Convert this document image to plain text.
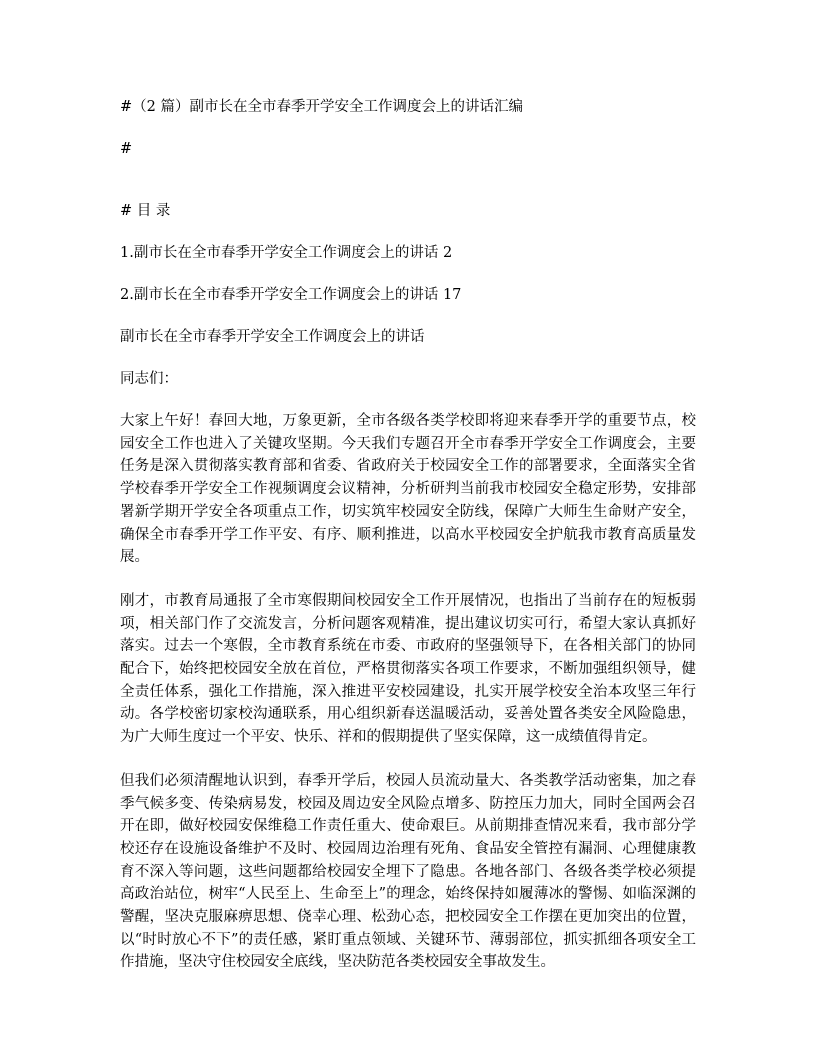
#（2 篇）副市长在全市春季开学安全工作调度会上的讲话汇编

#

# 目 录

1.副市长在全市春季开学安全工作调度会上的讲话 2

2.副市长在全市春季开学安全工作调度会上的讲话 17

副市长在全市春季开学安全工作调度会上的讲话

同志们：

大家上午好！春回大地，万象更新，全市各级各类学校即将迎来春季开学的重要节点，校园安全工作也进入了关键攻坚期。今天我们专题召开全市春季开学安全工作调度会，主要任务是深入贯彻落实教育部和省委、省政府关于校园安全工作的部署要求，全面落实全省学校春季开学安全工作视频调度会议精神，分析研判当前我市校园安全稳定形势，安排部署新学期开学安全各项重点工作，切实筑牢校园安全防线，保障广大师生生命财产安全，确保全市春季开学工作平安、有序、顺利推进，以高水平校园安全护航我市教育高质量发展。

刚才，市教育局通报了全市寒假期间校园安全工作开展情况，也指出了当前存在的短板弱项，相关部门作了交流发言，分析问题客观精准，提出建议切实可行，希望大家认真抓好落实。过去一个寒假，全市教育系统在市委、市政府的坚强领导下，在各相关部门的协同配合下，始终把校园安全放在首位，严格贯彻落实各项工作要求，不断加强组织领导，健全责任体系，强化工作措施，深入推进平安校园建设，扎实开展学校安全治本攻坚三年行动。各学校密切家校沟通联系，用心组织新春送温暖活动，妥善处置各类安全风险隐患，为广大师生度过一个平安、快乐、祥和的假期提供了坚实保障，这一成绩值得肯定。

但我们必须清醒地认识到，春季开学后，校园人员流动量大、各类教学活动密集，加之春季气候多变、传染病易发，校园及周边安全风险点增多、防控压力加大，同时全国两会召开在即，做好校园安保维稳工作责任重大、使命艰巨。从前期排查情况来看，我市部分学校还存在设施设备维护不及时、校园周边治理有死角、食品安全管控有漏洞、心理健康教育不深入等问题，这些问题都给校园安全埋下了隐患。各地各部门、各级各类学校必须提高政治站位，树牢“人民至上、生命至上”的理念，始终保持如履薄冰的警惕、如临深渊的警醒，坚决克服麻痹思想、侥幸心理、松劲心态，把校园安全工作摆在更加突出的位置，以“时时放心不下”的责任感，紧盯重点领域、关键环节、薄弱部位，抓实抓细各项安全工作措施，坚决守住校园安全底线，坚决防范各类校园安全事故发生。
